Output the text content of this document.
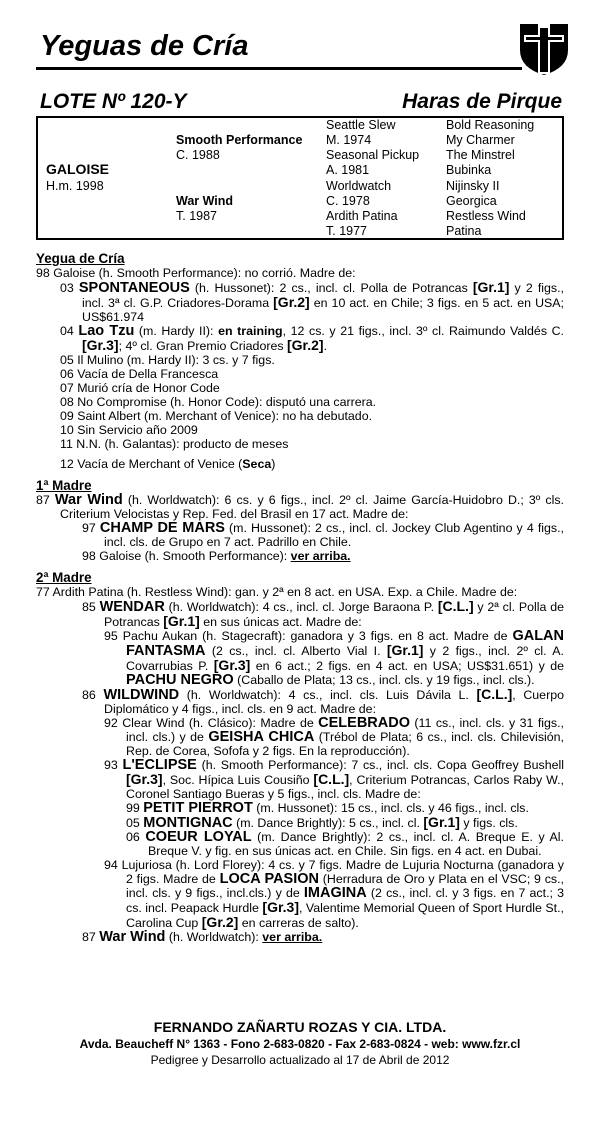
Yeguas de Cría
LOTE Nº 120-Y	Haras de Pirque
GALOISE
H.m. 1998
Smooth Performance
C. 1988
War Wind
T. 1987
Seattle Slew
M. 1974
Seasonal Pickup
A. 1981
Worldwatch
C. 1978
Ardith Patina
T. 1977
Bold Reasoning
My Charmer
The Minstrel
Bubinka
Nijinsky II
Georgica
Restless Wind
Patina
Yegua de Cría
98 Galoise (h. Smooth Performance): no corrió. Madre de:
03 SPONTANEOUS (h. Hussonet): 2 cs., incl. cl. Polla de Potrancas [Gr.1] y 2 figs., incl. 3ª cl. G.P. Criadores-Dorama [Gr.2] en 10 act. en Chile; 3 figs. en 5 act. en USA; US$61.974
04 Lao Tzu (m. Hardy II): en training, 12 cs. y 21 figs., incl. 3º cl. Raimundo Valdés C. [Gr.3]; 4º cl. Gran Premio Criadores [Gr.2].
05 Il Mulino (m. Hardy II): 3 cs. y 7 figs.
06 Vacía de Della Francesca
07 Murió cría de Honor Code
08 No Compromise (h. Honor Code): disputó una carrera.
09 Saint Albert (m. Merchant of Venice): no ha debutado.
10 Sin Servicio año 2009
11 N.N. (h. Galantas): producto de meses
12 Vacía de Merchant of Venice (Seca)
1ª Madre
87 War Wind (h. Worldwatch): 6 cs. y 6 figs., incl. 2º cl. Jaime García-Huidobro D.; 3º cls. Criterium Velocistas y Rep. Fed. del Brasil en 17 act. Madre de:
97 CHAMP DE MARS (m. Hussonet): 2 cs., incl. cl. Jockey Club Agentino y 4 figs., incl. cls. de Grupo en 7 act. Padrillo en Chile.
98 Galoise (h. Smooth Performance): ver arriba.
2ª Madre
77 Ardith Patina (h. Restless Wind): gan. y 2ª en 8 act. en USA. Exp. a Chile. Madre de:
85 WENDAR (h. Worldwatch): 4 cs., incl. cl. Jorge Baraona P. [C.L.] y 2ª cl. Polla de Potrancas [Gr.1] en sus únicas act. Madre de:
95 Pachu Aukan (h. Stagecraft): ganadora y 3 figs. en 8 act. Madre de GALAN FANTASMA (2 cs., incl. cl. Alberto Vial I. [Gr.1] y 2 figs., incl. 2º cl. A. Covarrubias P. [Gr.3] en 6 act.; 2 figs. en 4 act. en USA; US$31.651) y de PACHU NEGRO (Caballo de Plata; 13 cs., incl. cls. y 19 figs., incl. cls.).
86 WILDWIND (h. Worldwatch): 4 cs., incl. cls. Luis Dávila L. [C.L.], Cuerpo Diplomático y 4 figs., incl. cls. en 9 act. Madre de:
92 Clear Wind (h. Clásico): Madre de CELEBRADO (11 cs., incl. cls. y 31 figs., incl. cls.) y de GEISHA CHICA (Trébol de Plata; 6 cs., incl. cls. Chilevisión, Rep. de Corea, Sofofa y 2 figs. En la reproducción).
93 L'ECLIPSE (h. Smooth Performance): 7 cs., incl. cls. Copa Geoffrey Bushell [Gr.3], Soc. Hípica Luis Cousiño [C.L.], Criterium Potrancas, Carlos Raby W., Coronel Santiago Bueras y 5 figs., incl. cls. Madre de:
99 PETIT PIERROT (m. Hussonet): 15 cs., incl. cls. y 46 figs., incl. cls.
05 MONTIGNAC (m. Dance Brightly): 5 cs., incl. cl. [Gr.1] y figs. cls.
06 COEUR LOYAL (m. Dance Brightly): 2 cs., incl. cl. A. Breque E. y Al. Breque V. y fig. en sus únicas act. en Chile. Sin figs. en 4 act. en Dubai.
94 Lujuriosa (h. Lord Florey): 4 cs. y 7 figs. Madre de Lujuria Nocturna (ganadora y 2 figs. Madre de LOCA PASION (Herradura de Oro y Plata en el VSC; 9 cs., incl. cls. y 9 figs., incl.cls.) y de IMAGINA (2 cs., incl. cl. y 3 figs. en 7 act.; 3 cs. incl. Peapack Hurdle [Gr.3], Valentime Memorial Queen of Sport Hurdle St., Carolina Cup [Gr.2] en carreras de salto).
87 War Wind (h. Worldwatch): ver arriba.
FERNANDO ZAÑARTU ROZAS Y CIA. LTDA.
Avda. Beaucheff N° 1363 - Fono 2-683-0820 - Fax 2-683-0824 - web: www.fzr.cl
Pedigree y Desarrollo actualizado al 17 de Abril de 2012
